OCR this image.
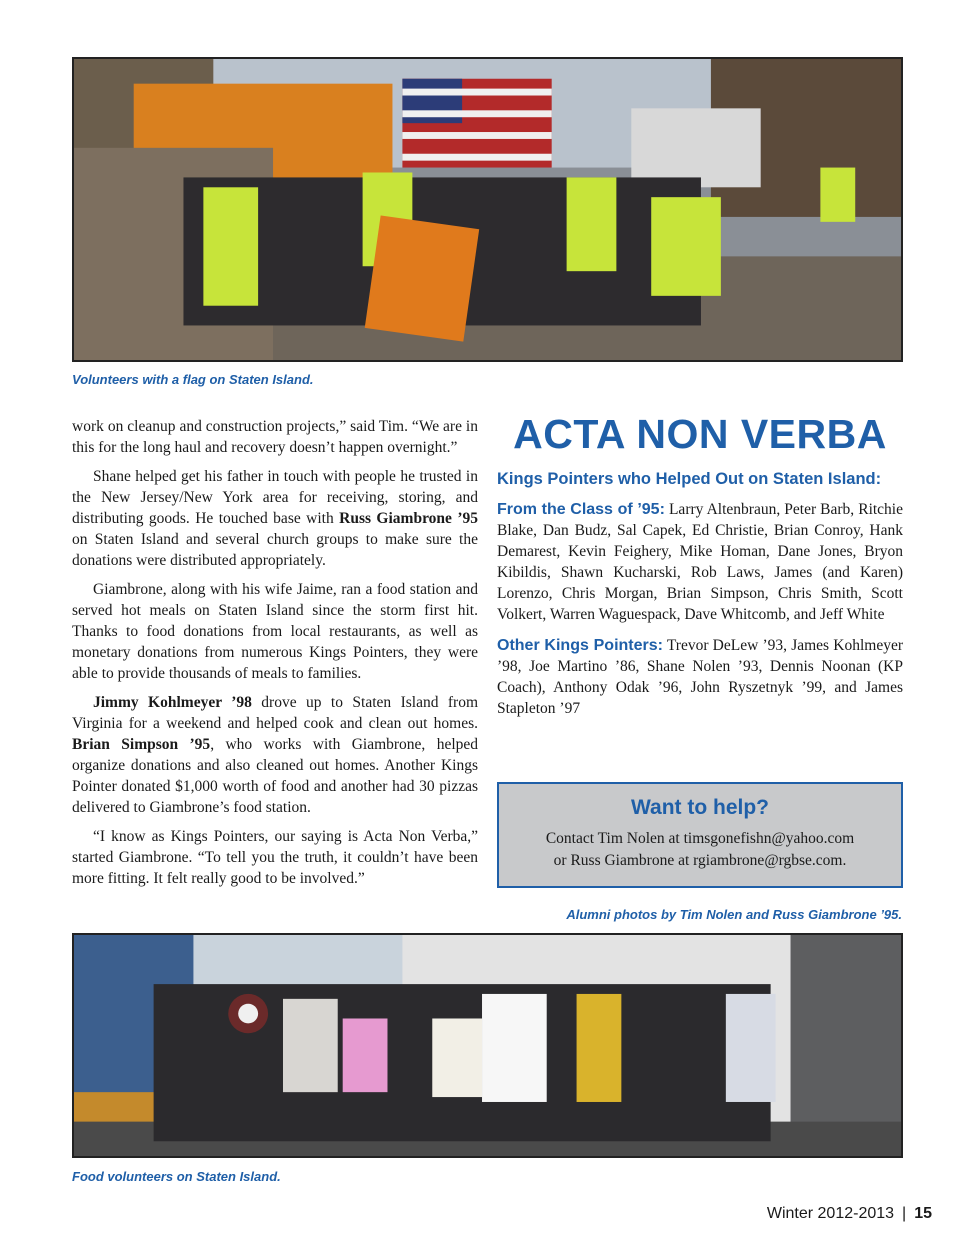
Volunteers with a flag on Staten Island.

work on cleanup and construction projects,” said Tim. “We are in this for the long haul and recovery doesn’t happen overnight.”

Shane helped get his father in touch with people he trusted in the New Jersey/New York area for receiving, storing, and distributing goods. He touched base with Russ Giambrone ’95 on Staten Island and several church groups to make sure the donations were distributed appropriately.

Giambrone, along with his wife Jaime, ran a food station and served hot meals on Staten Island since the storm first hit. Thanks to food donations from local restaurants, as well as monetary donations from numerous Kings Pointers, they were able to provide thousands of meals to families.

Jimmy Kohlmeyer ’98 drove up to Staten Island from Virginia for a weekend and helped cook and clean out homes. Brian Simpson ’95, who works with Giambrone, helped organize donations and also cleaned out homes. Another Kings Pointer donated $1,000 worth of food and another had 30 pizzas delivered to Giambrone’s food station.

“I know as Kings Pointers, our saying is Acta Non Verba,” started Giambrone. “To tell you the truth, it couldn’t have been more fitting. It felt really good to be involved.”

ACTA NON VERBA
Kings Pointers who Helped Out on Staten Island:

From the Class of ’95: Larry Altenbraun, Peter Barb, Ritchie Blake, Dan Budz, Sal Capek, Ed Christie, Brian Conroy, Hank Demarest, Kevin Feighery, Mike Homan, Dane Jones, Bryon Kibildis, Shawn Kucharski, Rob Laws, James (and Karen) Lorenzo, Chris Morgan, Brian Simpson, Chris Smith, Scott Volkert, Warren Waguespack, Dave Whitcomb, and Jeff White

Other Kings Pointers: Trevor DeLew ’93, James Kohlmeyer ’98, Joe Martino ’86, Shane Nolen ’93, Dennis Noonan (KP Coach), Anthony Odak ’96, John Ryszetnyk ’99, and James Stapleton ’97

Want to help?
Contact Tim Nolen at timsgonefishn@yahoo.com
or Russ Giambrone at rgiambrone@rgbse.com.
Alumni photos by Tim Nolen and Russ Giambrone ’95.
Food volunteers on Staten Island.
Winter 2012-2013 | 15
